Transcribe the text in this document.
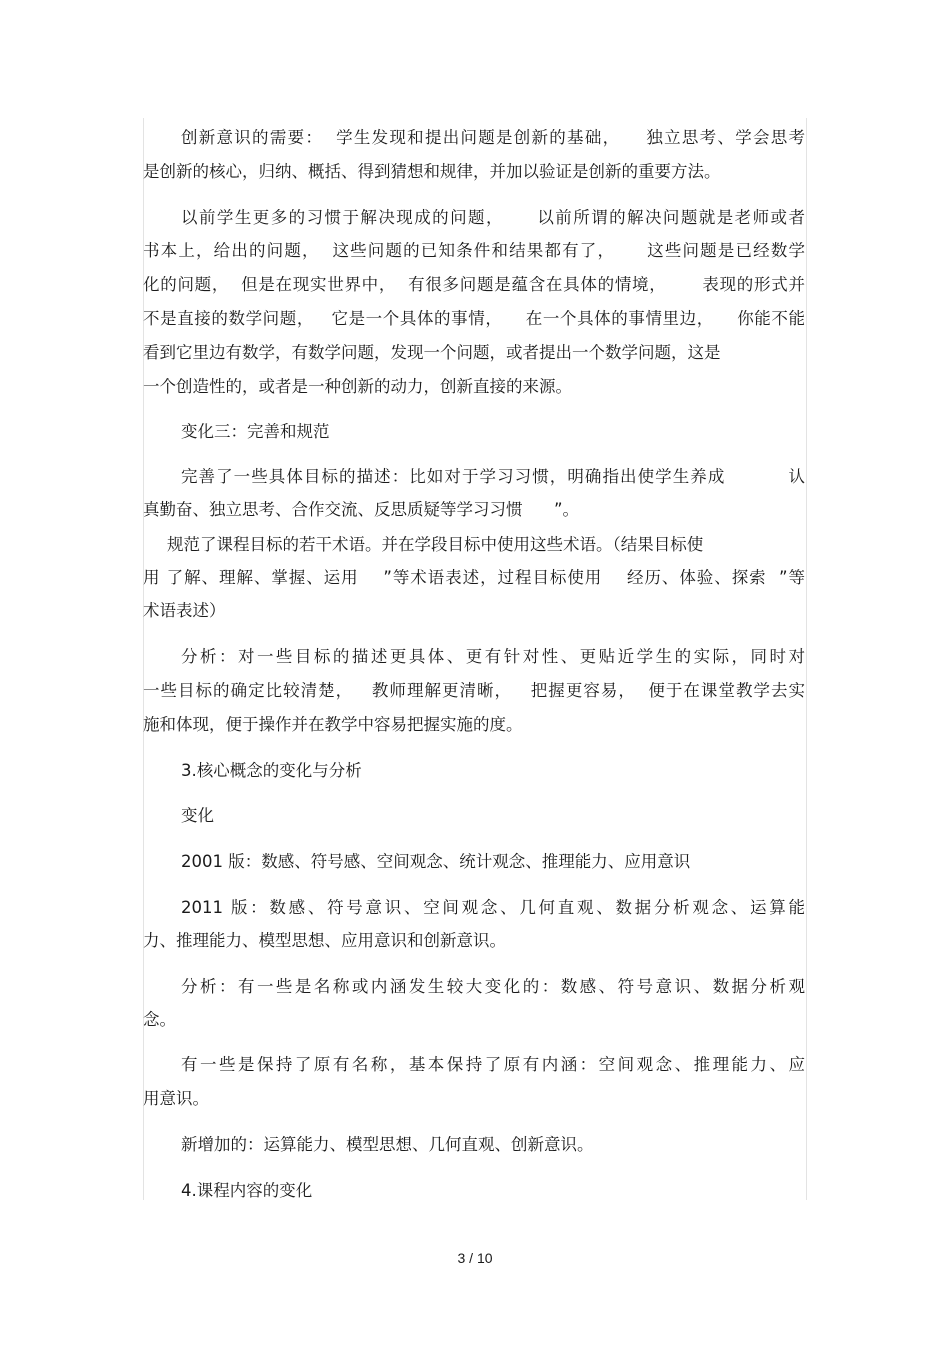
创新意识的需要：  学生发现和提出问题是创新的基础，    独立思考、学会思考
是创新的核心，归纳、概括、得到猜想和规律，并加以验证是创新的重要方法。
以前学生更多的习惯于解决现成的问题，     以前所谓的解决问题就是老师或者
书本上，给出的问题，  这些问题的已知条件和结果都有了，     这些问题是已经数学
化的问题，  但是在现实世界中，  有很多问题是蕴含在具体的情境，      表现的形式并
不是直接的数学问题，   它是一个具体的事情，    在一个具体的事情里边，    你能不能
看到它里边有数学，有数学问题，发现一个问题，或者提出一个数学问题，这是
一个创造性的，或者是一种创新的动力，创新直接的来源。
变化三：完善和规范
完善了一些具体目标的描述：比如对于学习习惯，明确指出使学生养成          认
真勤奋、独立思考、合作交流、反思质疑等学习习惯      ”。
规范了课程目标的若干术语。并在学段目标中使用这些术语。（结果目标使
用 了解、理解、掌握、运用    ”等术语表述，过程目标使用    经历、体验、探索  ”等
术语表述）
分析：对一些目标的描述更具体、更有针对性、更贴近学生的实际，同时对
一些目标的确定比较清楚，   教师理解更清晰，   把握更容易，  便于在课堂教学去实
施和体现，便于操作并在教学中容易把握实施的度。
3.核心概念的变化与分析
变化
2001 版：数感、符号感、空间观念、统计观念、推理能力、应用意识
2011 版：数感、符号意识、空间观念、几何直观、数据分析观念、运算能
力、推理能力、模型思想、应用意识和创新意识。
分析：有一些是名称或内涵发生较大变化的：数感、符号意识、数据分析观
念。
有一些是保持了原有名称，基本保持了原有内涵：空间观念、推理能力、应
用意识。
新增加的：运算能力、模型思想、几何直观、创新意识。
4.课程内容的变化
3 / 10
